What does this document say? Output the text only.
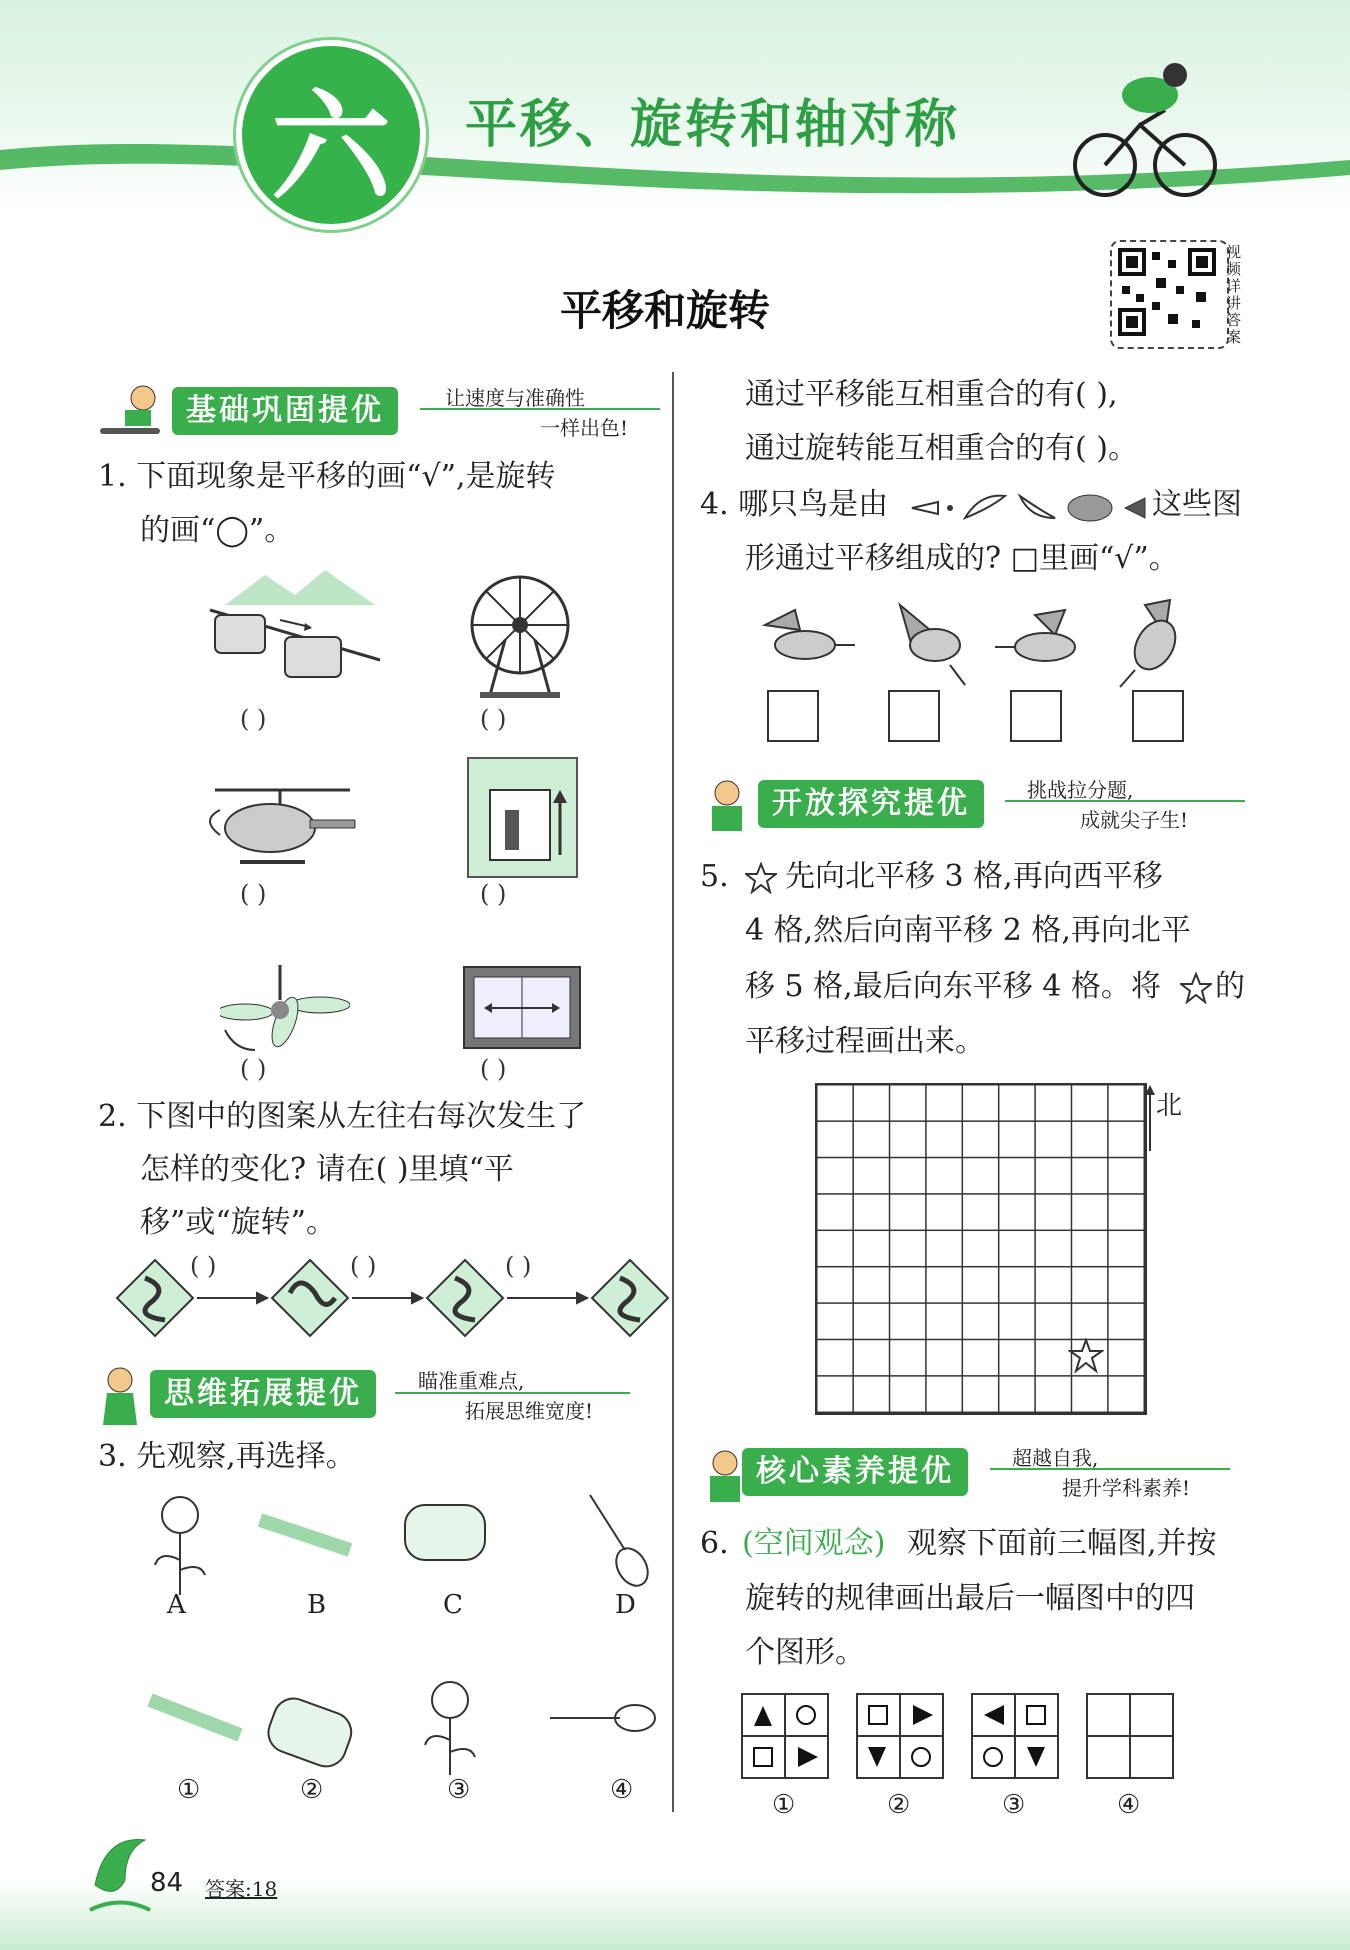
六	平移、旋转和轴对称
平移和旋转
视频详讲答案
基础巩固提优	让速度与准确性
一样出色!
1. 下面现象是平移的画“√”,是旋转
的画“◯”。
( )	( )
( )	( )
( )	( )
2. 下图中的图案从左往右每次发生了
怎样的变化? 请在( )里填“平
移”或“旋转”。
( )	( )	( )
思维拓展提优	瞄准重难点,
拓展思维宽度!
3. 先观察,再选择。
A	B	C	D
①	②	③	④
通过平移能互相重合的有( ),
通过旋转能互相重合的有( )。
4. 哪只鸟是由	这些图
形通过平移组成的? □里画“√”。
开放探究提优	挑战拉分题,
成就尖子生!
5. 先向北平移 3 格,再向西平移
4 格,然后向南平移 2 格,再向北平
移 5 格,最后向东平移 4 格。将 的
平移过程画出来。
北
核心素养提优	超越自我,
提升学科素养!
6. (空间观念) 观察下面前三幅图,并按
旋转的规律画出最后一幅图中的四
个图形。
①	②	③	④
84 答案:18
